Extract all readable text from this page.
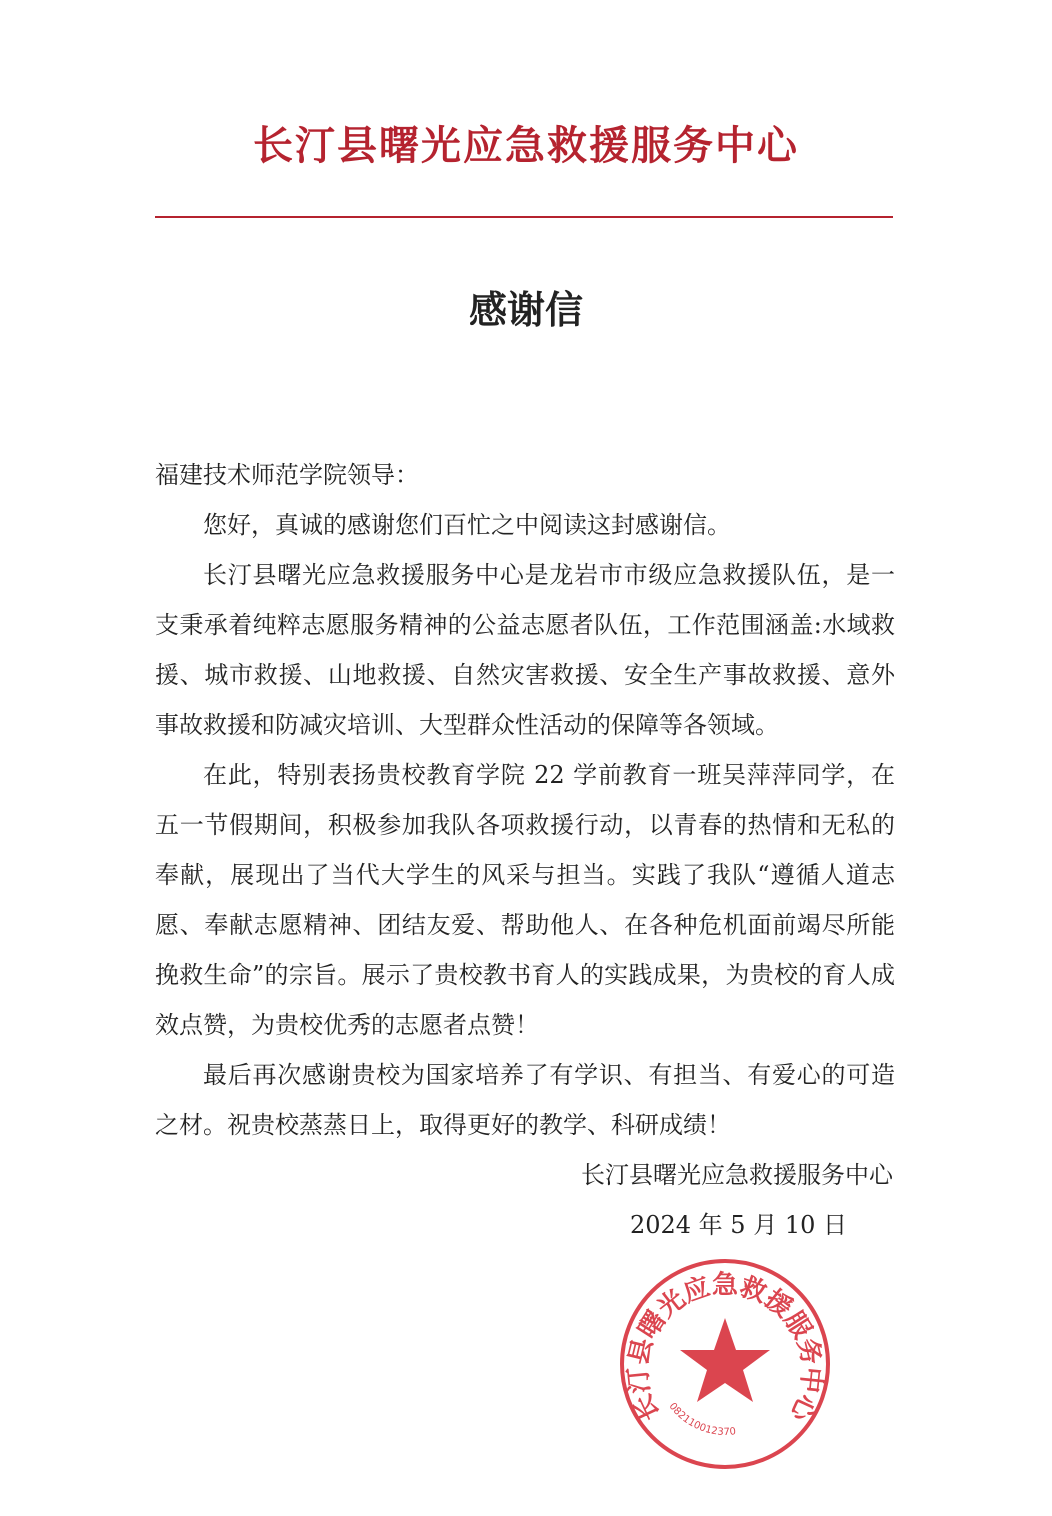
长汀县曙光应急救援服务中心
感谢信

福建技术师范学院领导：

您好，真诚的感谢您们百忙之中阅读这封感谢信。

长汀县曙光应急救援服务中心是龙岩市市级应急救援队伍，是一支秉承着纯粹志愿服务精神的公益志愿者队伍，工作范围涵盖:水域救援、城市救援、山地救援、自然灾害救援、安全生产事故救援、意外事故救援和防减灾培训、大型群众性活动的保障等各领域。

在此，特别表扬贵校教育学院 22 学前教育一班吴萍萍同学，在五一节假期间，积极参加我队各项救援行动，以青春的热情和无私的奉献，展现出了当代大学生的风采与担当。实践了我队“遵循人道志愿、奉献志愿精神、团结友爱、帮助他人、在各种危机面前竭尽所能挽救生命”的宗旨。展示了贵校教书育人的实践成果，为贵校的育人成效点赞，为贵校优秀的志愿者点赞！

最后再次感谢贵校为国家培养了有学识、有担当、有爱心的可造之材。祝贵校蒸蒸日上，取得更好的教学、科研成绩！

长汀县曙光应急救援服务中心
2024 年 5 月 10 日
长汀县曙光应急救援服务中心
082110012370
